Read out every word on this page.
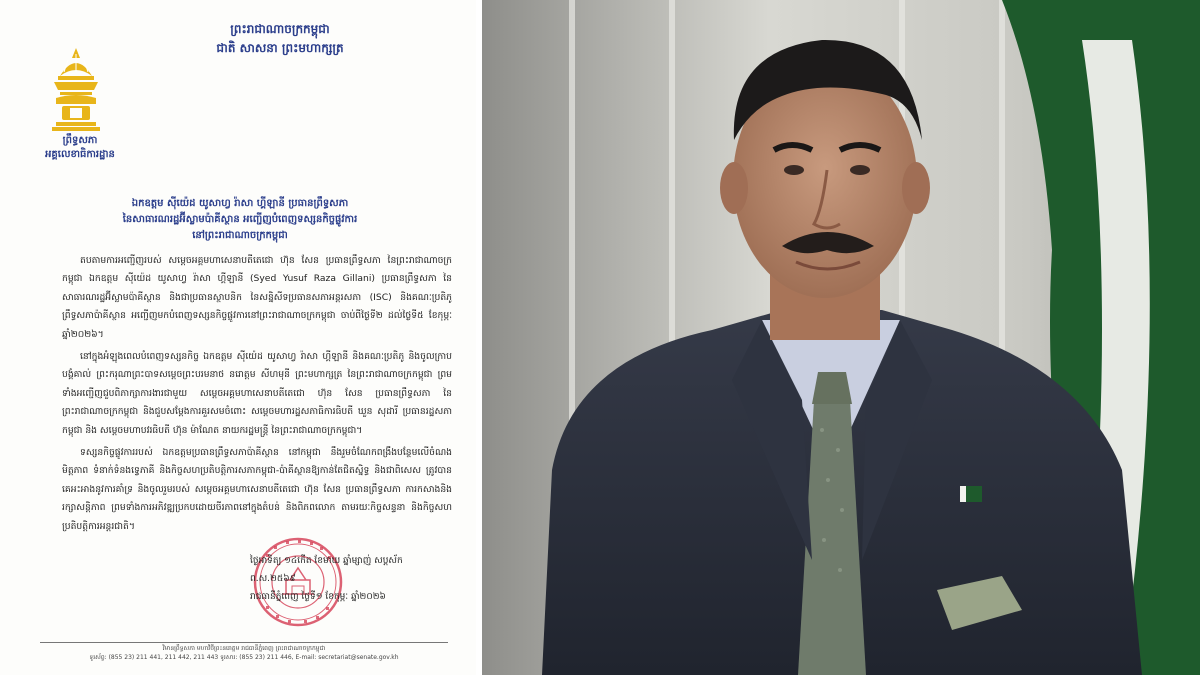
ព្រះរាជាណាចក្រកម្ពុជា
ជាតិ សាសនា ព្រះមហាក្សត្រ
ព្រឹទ្ធសភា
អគ្គលេខាធិការដ្ឋាន
ឯកឧត្តម ស៊ីយ៉េដ យូសាហ្វ រ៉ាសា ហ្គីឡានី ប្រធានព្រឹទ្ធសភា
នៃសាធារណរដ្ឋអ៊ីស្លាមប៉ាគីស្ថាន អញ្ជើញបំពេញទស្សនកិច្ចផ្លូវការ
នៅព្រះរាជាណាចក្រកម្ពុជា

តបតាមការអញ្ជើញរបស់ សម្តេចអគ្គមហាសេនាបតីតេជោ ហ៊ុន សែន ប្រធានព្រឹទ្ធសភា នៃព្រះរាជាណាចក្រកម្ពុជា ឯកឧត្តម ស៊ីយ៉េដ យូសាហ្វ រ៉ាសា ហ្គីឡានី (Syed Yusuf Raza Gillani) ប្រធានព្រឹទ្ធសភា នៃសាធារណរដ្ឋអ៊ីស្លាមប៉ាគីស្ថាន និងជាប្រធានស្ថាបនិក នៃសន្និសីទប្រធានសភាអន្តរសភា (ISC) និងគណៈប្រតិភូព្រឹទ្ធសភាប៉ាគីស្ថាន អញ្ជើញមកបំពេញទស្សនកិច្ចផ្លូវការនៅព្រះរាជាណាចក្រកម្ពុជា ចាប់ពីថ្ងៃទី២ ដល់ថ្ងៃទី៥ ខែកុម្ភៈ ឆ្នាំ២០២៦។

នៅក្នុងអំឡុងពេលបំពេញទស្សនកិច្ច ឯកឧត្តម ស៊ីយ៉េដ យូសាហ្វ រ៉ាសា ហ្គីឡានី និងគណៈប្រតិភូ និងចូលក្រាបបង្គំគាល់ ព្រះករុណាព្រះបាទសម្តេចព្រះបរមនាថ នរោត្តម សីហមុនី ព្រះមហាក្សត្រ នៃព្រះរាជាណាចក្រកម្ពុជា ព្រមទាំងអញ្ជើញជួបពិភាក្សាការងារជាមួយ សម្តេចអគ្គមហាសេនាបតីតេជោ ហ៊ុន សែន ប្រធានព្រឹទ្ធសភា នៃព្រះរាជាណាចក្រកម្ពុជា និងជួបសម្តែងការគួរសមចំពោះ សម្តេចមហារដ្ឋសភាធិការធិបតី ឃួន សុដារី ប្រធានរដ្ឋសភាកម្ពុជា និង សម្តេចមហាបវរធិបតី ហ៊ុន ម៉ាណែត នាយករដ្ឋមន្ត្រី នៃព្រះរាជាណាចក្រកម្ពុជា។

ទស្សនកិច្ចផ្លូវការរបស់ ឯកឧត្តមប្រធានព្រឹទ្ធសភាប៉ាគីស្ថាន នៅកម្ពុជា នឹងរួមចំណែកពង្រឹងបន្ថែមលើចំណងមិត្តភាព ទំនាក់ទំនងទ្វេភាគី និងកិច្ចសហប្រតិបត្តិការសភាកម្ពុជា-ប៉ាគីស្ថានឱ្យកាន់តែជិតស្និទ្ធ និងជាពិសេស ត្រូវបានគេអះអាងនូវការគាំទ្រ និងចូលរួមរបស់ សម្តេចអគ្គមហាសេនាបតីតេជោ ហ៊ុន សែន ប្រធានព្រឹទ្ធសភា ការកសាងនិងរក្សាសន្តិភាព ព្រមទាំងការអភិវឌ្ឍប្រកបដោយចីរភាពនៅក្នុងតំបន់ និងពិភពលោក តាមរយៈកិច្ចសន្ទនា និងកិច្ចសហប្រតិបត្តិការអន្តរជាតិ។

ថ្ងៃអាទិត្យ ១៤កើត ខែមាឃ ឆ្នាំម្សាញ់ សប្តស័ក ព.ស.២៥៦៩
រាជធានីភ្នំពេញ ថ្ងៃទី១ ខែកុម្ភៈ ឆ្នាំ២០២៦
វិមានព្រឹទ្ធសភា មហាវិថីព្រះនរោត្តម រាជធានីភ្នំពេញ ព្រះរាជាណាចក្រកម្ពុជា
ទូរស័ព្ទ: (855 23) 211 441, 211 442, 211 443 ទូរសារ: (855 23) 211 446, E-mail: secretariat@senate.gov.kh
